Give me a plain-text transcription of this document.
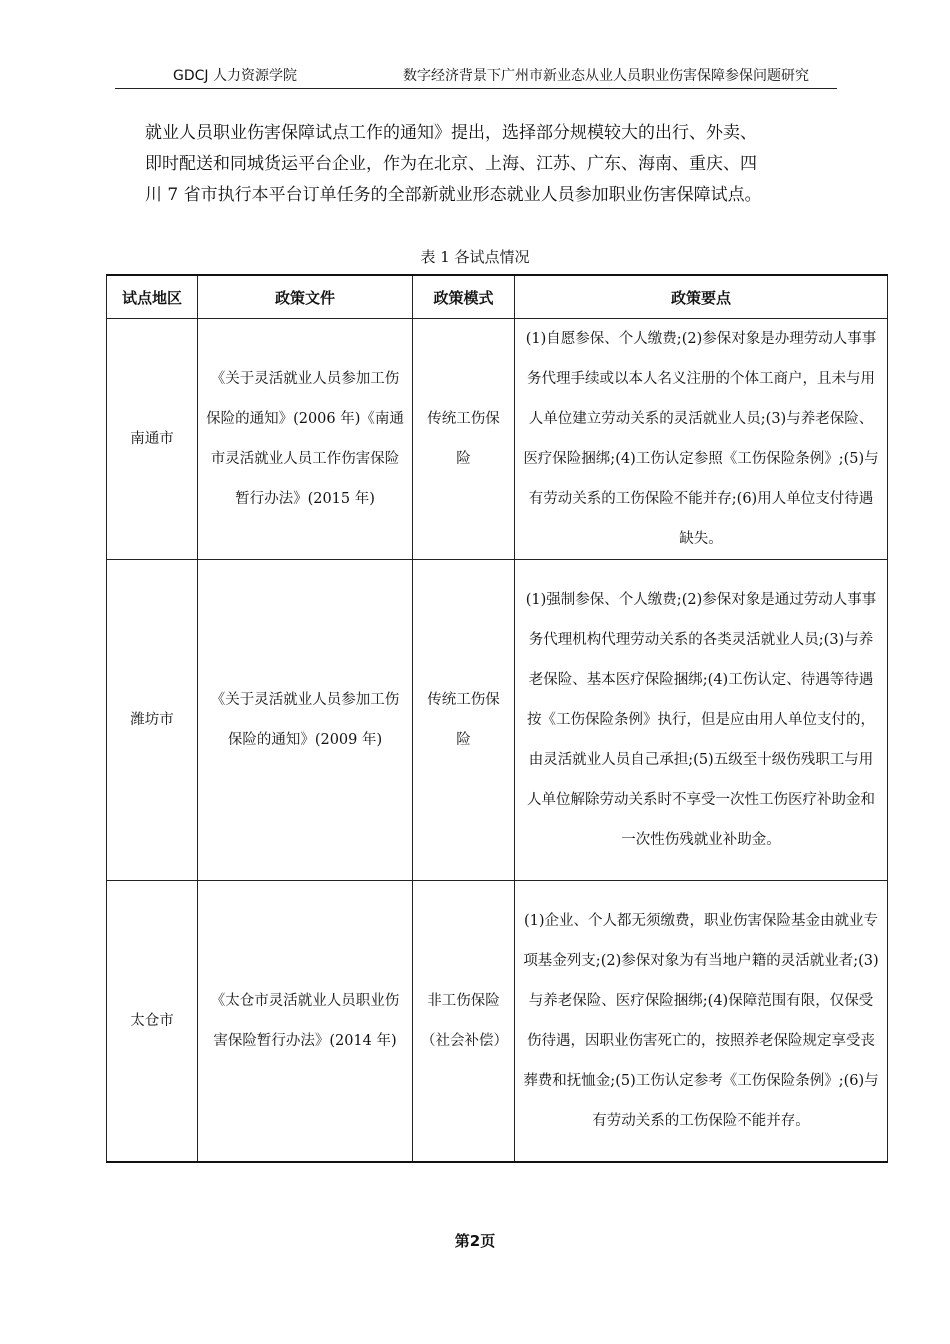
GDCJ 人力资源学院	数字经济背景下广州市新业态从业人员职业伤害保障参保问题研究

就业人员职业伤害保障试点工作的通知》提出，选择部分规模较大的出行、外卖、

即时配送和同城货运平台企业，作为在北京、上海、江苏、广东、海南、重庆、四

川 7 省市执行本平台订单任务的全部新就业形态就业人员参加职业伤害保障试点。

表 1 各试点情况
试点地区	政策文件	政策模式	政策要点
南通市	《关于灵活就业人员参加工伤保险的通知》(2006 年)《南通市灵活就业人员工作伤害保险暂行办法》(2015 年)	传统工伤保险	(1)自愿参保、个人缴费;(2)参保对象是办理劳动人事事务代理手续或以本人名义注册的个体工商户，且未与用人单位建立劳动关系的灵活就业人员;(3)与养老保险、医疗保险捆绑;(4)工伤认定参照《工伤保险条例》;(5)与有劳动关系的工伤保险不能并存;(6)用人单位支付待遇缺失。
潍坊市	《关于灵活就业人员参加工伤保险的通知》(2009 年)	传统工伤保险	(1)强制参保、个人缴费;(2)参保对象是通过劳动人事事务代理机构代理劳动关系的各类灵活就业人员;(3)与养老保险、基本医疗保险捆绑;(4)工伤认定、待遇等待遇按《工伤保险条例》执行，但是应由用人单位支付的，由灵活就业人员自己承担;(5)五级至十级伤残职工与用人单位解除劳动关系时不享受一次性工伤医疗补助金和一次性伤残就业补助金。
太仓市	《太仓市灵活就业人员职业伤害保险暂行办法》(2014 年)	非工伤保险（社会补偿）	(1)企业、个人都无须缴费，职业伤害保险基金由就业专项基金列支;(2)参保对象为有当地户籍的灵活就业者;(3)与养老保险、医疗保险捆绑;(4)保障范围有限，仅保受伤待遇，因职业伤害死亡的，按照养老保险规定享受丧葬费和抚恤金;(5)工伤认定参考《工伤保险条例》;(6)与有劳动关系的工伤保险不能并存。
第2页
